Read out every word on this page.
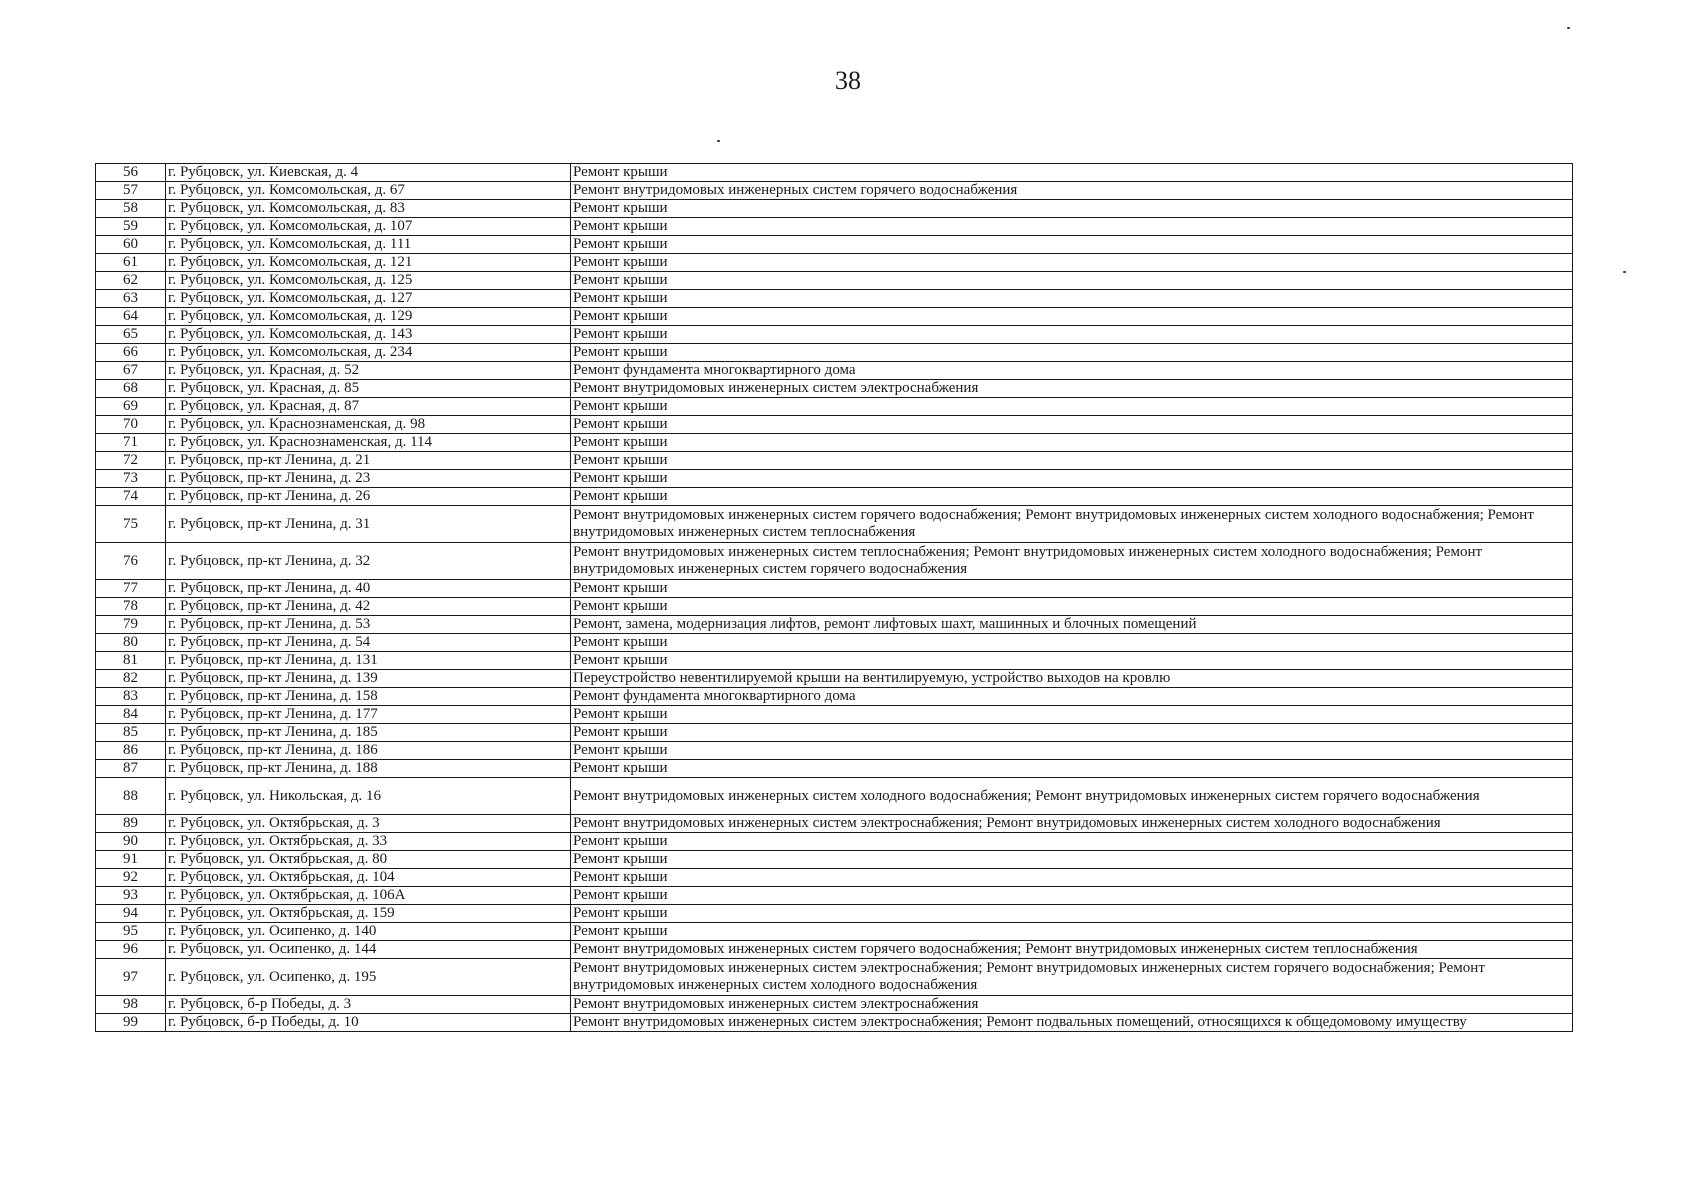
38
56	г. Рубцовск, ул. Киевская, д. 4	Ремонт крыши
57	г. Рубцовск, ул. Комсомольская, д. 67	Ремонт внутридомовых инженерных систем горячего водоснабжения
58	г. Рубцовск, ул. Комсомольская, д. 83	Ремонт крыши
59	г. Рубцовск, ул. Комсомольская, д. 107	Ремонт крыши
60	г. Рубцовск, ул. Комсомольская, д. 111	Ремонт крыши
61	г. Рубцовск, ул. Комсомольская, д. 121	Ремонт крыши
62	г. Рубцовск, ул. Комсомольская, д. 125	Ремонт крыши
63	г. Рубцовск, ул. Комсомольская, д. 127	Ремонт крыши
64	г. Рубцовск, ул. Комсомольская, д. 129	Ремонт крыши
65	г. Рубцовск, ул. Комсомольская, д. 143	Ремонт крыши
66	г. Рубцовск, ул. Комсомольская, д. 234	Ремонт крыши
67	г. Рубцовск, ул. Красная, д. 52	Ремонт фундамента многоквартирного дома
68	г. Рубцовск, ул. Красная, д. 85	Ремонт внутридомовых инженерных систем электроснабжения
69	г. Рубцовск, ул. Красная, д. 87	Ремонт крыши
70	г. Рубцовск, ул. Краснознаменская, д. 98	Ремонт крыши
71	г. Рубцовск, ул. Краснознаменская, д. 114	Ремонт крыши
72	г. Рубцовск, пр-кт Ленина, д. 21	Ремонт крыши
73	г. Рубцовск, пр-кт Ленина, д. 23	Ремонт крыши
74	г. Рубцовск, пр-кт Ленина, д. 26	Ремонт крыши
75	г. Рубцовск, пр-кт Ленина, д. 31	Ремонт внутридомовых инженерных систем горячего водоснабжения; Ремонт внутридомовых инженерных систем холодного водоснабжения; Ремонт внутридомовых инженерных систем теплоснабжения
76	г. Рубцовск, пр-кт Ленина, д. 32	Ремонт внутридомовых инженерных систем теплоснабжения; Ремонт внутридомовых инженерных систем холодного водоснабжения; Ремонт внутридомовых инженерных систем горячего водоснабжения
77	г. Рубцовск, пр-кт Ленина, д. 40	Ремонт крыши
78	г. Рубцовск, пр-кт Ленина, д. 42	Ремонт крыши
79	г. Рубцовск, пр-кт Ленина, д. 53	Ремонт, замена, модернизация лифтов, ремонт лифтовых шахт, машинных и блочных помещений
80	г. Рубцовск, пр-кт Ленина, д. 54	Ремонт крыши
81	г. Рубцовск, пр-кт Ленина, д. 131	Ремонт крыши
82	г. Рубцовск, пр-кт Ленина, д. 139	Переустройство невентилируемой крыши на вентилируемую, устройство выходов на кровлю
83	г. Рубцовск, пр-кт Ленина, д. 158	Ремонт фундамента многоквартирного дома
84	г. Рубцовск, пр-кт Ленина, д. 177	Ремонт крыши
85	г. Рубцовск, пр-кт Ленина, д. 185	Ремонт крыши
86	г. Рубцовск, пр-кт Ленина, д. 186	Ремонт крыши
87	г. Рубцовск, пр-кт Ленина, д. 188	Ремонт крыши
88	г. Рубцовск, ул. Никольская, д. 16	Ремонт внутридомовых инженерных систем холодного водоснабжения; Ремонт внутридомовых инженерных систем горячего водоснабжения
89	г. Рубцовск, ул. Октябрьская, д. 3	Ремонт внутридомовых инженерных систем электроснабжения; Ремонт внутридомовых инженерных систем холодного водоснабжения
90	г. Рубцовск, ул. Октябрьская, д. 33	Ремонт крыши
91	г. Рубцовск, ул. Октябрьская, д. 80	Ремонт крыши
92	г. Рубцовск, ул. Октябрьская, д. 104	Ремонт крыши
93	г. Рубцовск, ул. Октябрьская, д. 106А	Ремонт крыши
94	г. Рубцовск, ул. Октябрьская, д. 159	Ремонт крыши
95	г. Рубцовск, ул. Осипенко, д. 140	Ремонт крыши
96	г. Рубцовск, ул. Осипенко, д. 144	Ремонт внутридомовых инженерных систем горячего водоснабжения; Ремонт внутридомовых инженерных систем теплоснабжения
97	г. Рубцовск, ул. Осипенко, д. 195	Ремонт внутридомовых инженерных систем электроснабжения; Ремонт внутридомовых инженерных систем горячего водоснабжения; Ремонт внутридомовых инженерных систем холодного водоснабжения
98	г. Рубцовск, б-р Победы, д. 3	Ремонт внутридомовых инженерных систем электроснабжения
99	г. Рубцовск, б-р Победы, д. 10	Ремонт внутридомовых инженерных систем электроснабжения; Ремонт подвальных помещений, относящихся к общедомовому имуществу
